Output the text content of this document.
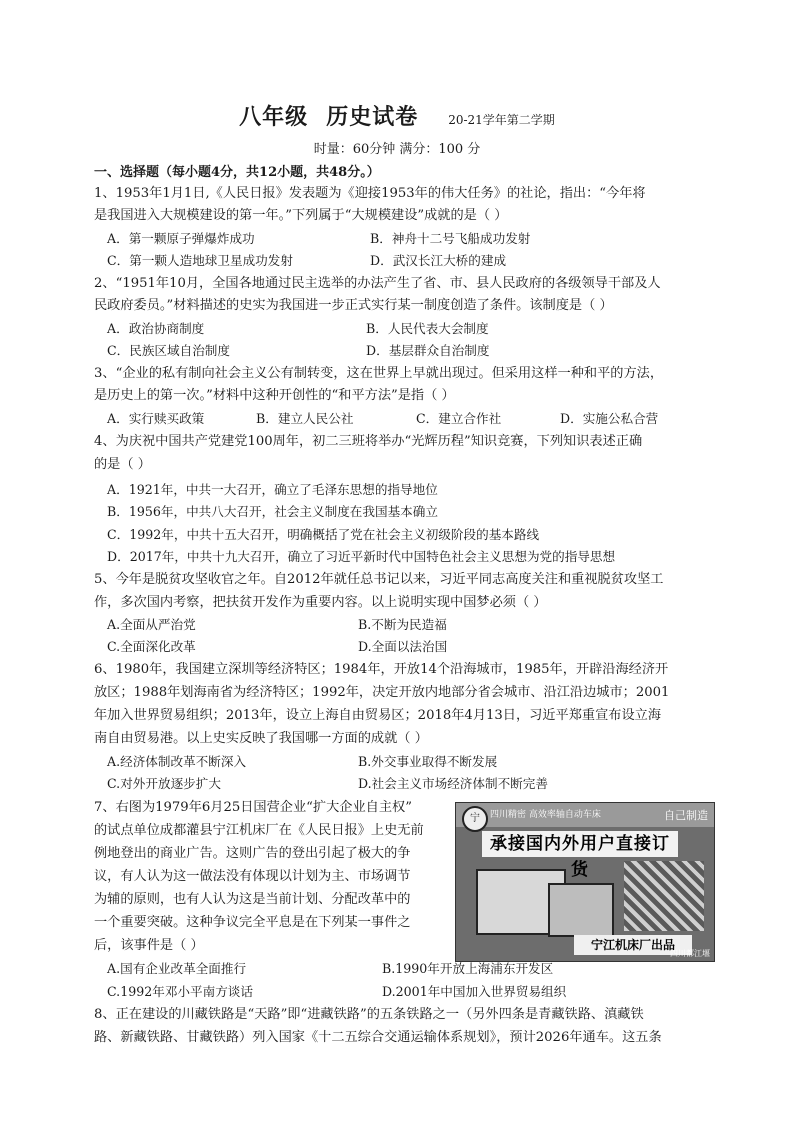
八年级 历史试卷	20-21学年第二学期
时量：60分钟 满分：100 分
一、选择题（每小题4分，共12小题，共48分。）
1、1953年1月1日,《人民日报》发表题为《迎接1953年的伟大任务》的社论，指出：“今年将
是我国进入大规模建设的第一年。”下列属于“大规模建设”成就的是（ ）
A．第一颗原子弹爆炸成功	B．神舟十二号飞船成功发射
C．第一颗人造地球卫星成功发射	D．武汉长江大桥的建成
2、“1951年10月，全国各地通过民主选举的办法产生了省、市、县人民政府的各级领导干部及人
民政府委员。”材料描述的史实为我国进一步正式实行某一制度创造了条件。该制度是（ ）
A．政治协商制度	B．人民代表大会制度
C．民族区域自治制度	D．基层群众自治制度
3、“企业的私有制向社会主义公有制转变，这在世界上早就出现过。但采用这样一种和平的方法，
是历史上的第一次。”材料中这种开创性的“和平方法”是指（ ）
A．实行赎买政策	B．建立人民公社	C．建立合作社	D．实施公私合营
4、为庆祝中国共产党建党100周年，初二三班将举办“光辉历程”知识竞赛，下列知识表述正确
的是（ ）
A．1921年，中共一大召开，确立了毛泽东思想的指导地位
B．1956年，中共八大召开，社会主义制度在我国基本确立
C．1992年，中共十五大召开，明确概括了党在社会主义初级阶段的基本路线
D．2017年，中共十九大召开，确立了习近平新时代中国特色社会主义思想为党的指导思想
5、今年是脱贫攻坚收官之年。自2012年就任总书记以来，习近平同志高度关注和重视脱贫攻坚工
作，多次国内考察，把扶贫开发作为重要内容。以上说明实现中国梦必须（ ）
A.全面从严治党	B.不断为民造福
C.全面深化改革	D.全面以法治国
6、1980年，我国建立深圳等经济特区；1984年，开放14个沿海城市，1985年，开辟沿海经济开
放区；1988年划海南省为经济特区；1992年，决定开放内地部分省会城市、沿江沿边城市；2001
年加入世界贸易组织；2013年，设立上海自由贸易区；2018年4月13日，习近平郑重宣布设立海
南自由贸易港。以上史实反映了我国哪一方面的成就（ ）
A.经济体制改革不断深入	B.外交事业取得不断发展
C.对外开放逐步扩大	D.社会主义市场经济体制不断完善
7、右图为1979年6月25日国营企业“扩大企业自主权”
的试点单位成都灌县宁江机床厂在《人民日报》上史无前
例地登出的商业广告。这则广告的登出引起了极大的争
议，有人认为这一做法没有体现以计划为主、市场调节
为辅的原则，也有人认为这是当前计划、分配改革中的
一个重要突破。这种争议完全平息是在下列某一事件之
后，该事件是（ ）
宁	四川精密 高效率轴自动车床	自己制造
承接国内外用户直接订货
宁江机床厂出品
四川都江堰
A.国有企业改革全面推行	B.1990年开放上海浦东开发区
C.1992年邓小平南方谈话	D.2001年中国加入世界贸易组织
8、正在建设的川藏铁路是“天路”即“进藏铁路”的五条铁路之一（另外四条是青藏铁路、滇藏铁
路、新藏铁路、甘藏铁路）列入国家《十二五综合交通运输体系规划》，预计2026年通车。这五条
